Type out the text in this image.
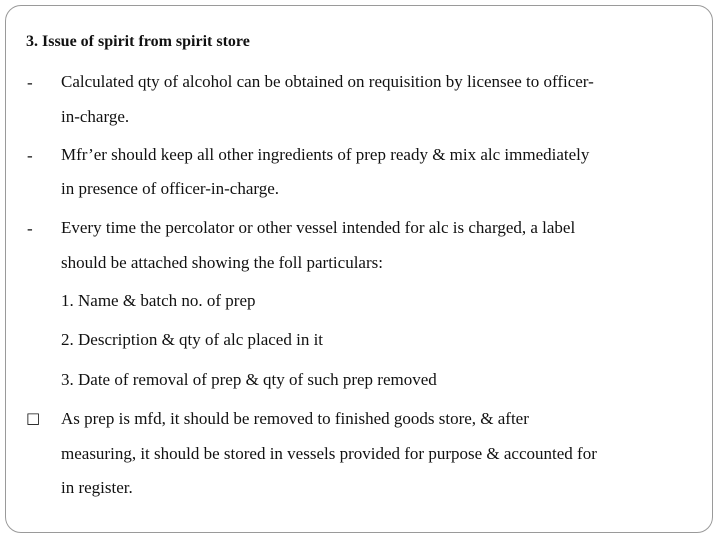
3. Issue of spirit from spirit store
- Calculated qty of alcohol can be obtained on requisition by licensee to officer-
in-charge.
- Mfr’er should keep all other ingredients of prep ready & mix alc immediately
in presence of officer-in-charge.
- Every time the percolator or other vessel intended for alc is charged, a label
should be attached showing the foll particulars:
1. Name & batch no. of prep
2. Description & qty of alc placed in it
3. Date of removal of prep & qty of such prep removed
□ As prep is mfd, it should be removed to finished goods store, & after
measuring, it should be stored in vessels provided for purpose & accounted for
in register.
